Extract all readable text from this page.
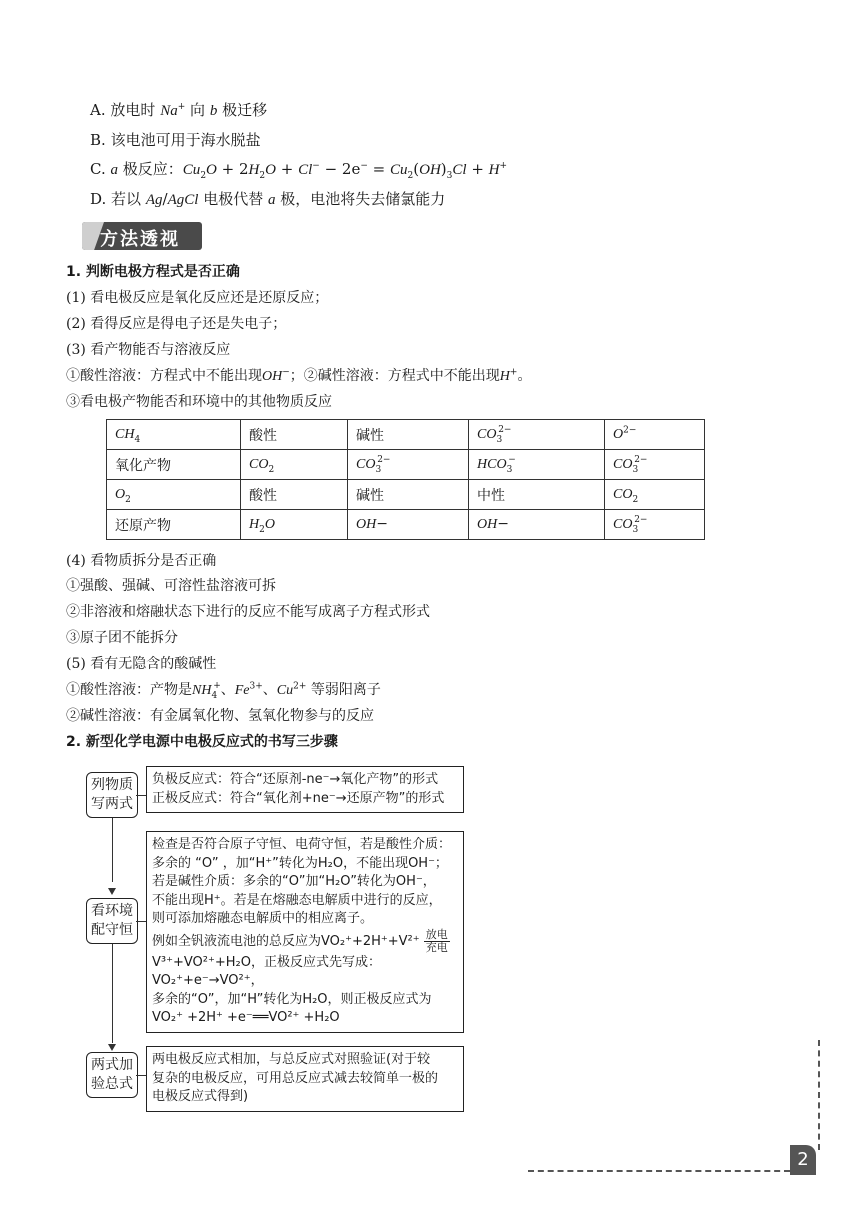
A. 放电时 Na+ 向 b 极迁移
B. 该电池可用于海水脱盐
C. a 极反应：$Cu_2O + 2H_2O + Cl^- - 2e^- = Cu_2(OH)_3Cl + H^+$
D. 若以 Ag/AgCl 电极代替 a 极，电池将失去储氯能力
方法透视
1. 判断电极方程式是否正确
(1) 看电极反应是氧化反应还是还原反应；
(2) 看得反应是得电子还是失电子；
(3) 看产物能否与溶液反应
①酸性溶液：方程式中不能出现OH−；②碱性溶液：方程式中不能出现H+。
③看电极产物能否和环境中的其他物质反应
$CH_4$	酸性	碱性	$CO_3^{2-}$	$O^{2-}$
氧化产物	$CO_2$	$CO_3^{2-}$	$HCO_3^-$	$CO_3^{2-}$
$O_2$	酸性	碱性	中性	$CO_2$
还原产物	$H_2O$	OH−	OH−	$CO_3^{2-}$
(4) 看物质拆分是否正确
①强酸、强碱、可溶性盐溶液可拆
②非溶液和熔融状态下进行的反应不能写成离子方程式形式
③原子团不能拆分
(5) 看有无隐含的酸碱性
①酸性溶液：产物是$NH_4^+$、$Fe^{3+}$、$Cu^{2+}$ 等弱阳离子
②碱性溶液：有金属氧化物、氢氧化物参与的反应
2. 新型化学电源中电极反应式的书写三步骤
列物质写两式
看环境配守恒
两式加验总式
负极反应式：符合“还原剂-ne⁻→氧化产物”的形式
正极反应式：符合“氧化剂+ne⁻→还原产物”的形式
检查是否符合原子守恒、电荷守恒，若是酸性介质：
多余的 “O” ，加“H⁺”转化为H₂O，不能出现OH⁻；
若是碱性介质：多余的“O”加“H₂O”转化为OH⁻，
不能出现H⁺。若是在熔融态电解质中进行的反应，
则可添加熔融态电解质中的相应离子。
例如全钒液流电池的总反应为$VO_2^++2H^++V^{2+} \frac{\text{放电}}{\text{充电}}$
V³⁺+VO²⁺+H₂O，正极反应式先写成：VO₂⁺+e⁻→VO²⁺，
多余的“O”，加“H”转化为H₂O，则正极反应式为
VO₂⁺ +2H⁺ +e⁻══VO²⁺ +H₂O
两电极反应式相加，与总反应式对照验证(对于较
复杂的电极反应，可用总反应式减去较简单一极的
电极反应式得到)
2
